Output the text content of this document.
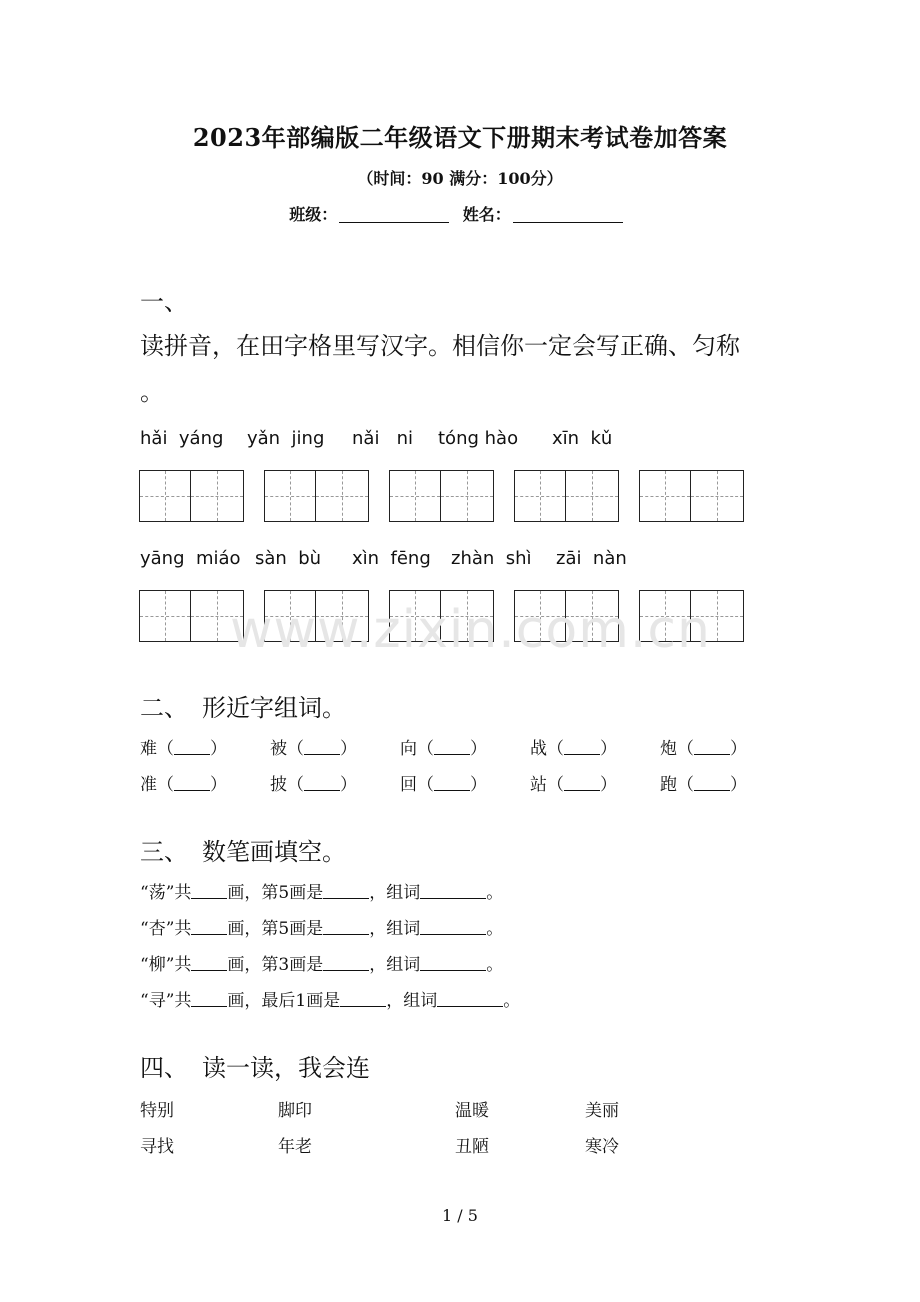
2023年部编版二年级语文下册期末考试卷加答案
（时间：90 满分：100分）
班级：	姓名：
一、
读拼音，在田字格里写汉字。相信你一定会写正确、匀称
。
hǎi  yáng yǎn  jing nǎi   ni tóng hào xīn  kǔ
yāng  miáo sàn  bù xìn  fēng zhàn  shì zāi  nàn
www.zixin.com.cn
二、 形近字组词。
难（ ）	被（ ）	向（ ）	战（ ）	炮（ ）
准（ ）	披（ ）	回（ ）	站（ ）	跑（ ）
三、 数笔画填空。
“荡”共 画，第5画是	，组词	。
“杏”共 画，第5画是	，组词	。
“柳”共 画，第3画是	，组词	。
“寻”共 画，最后1画是	，组词	。
四、 读一读，我会连
特别	脚印	温暖	美丽
寻找	年老	丑陋	寒冷
1 / 5
